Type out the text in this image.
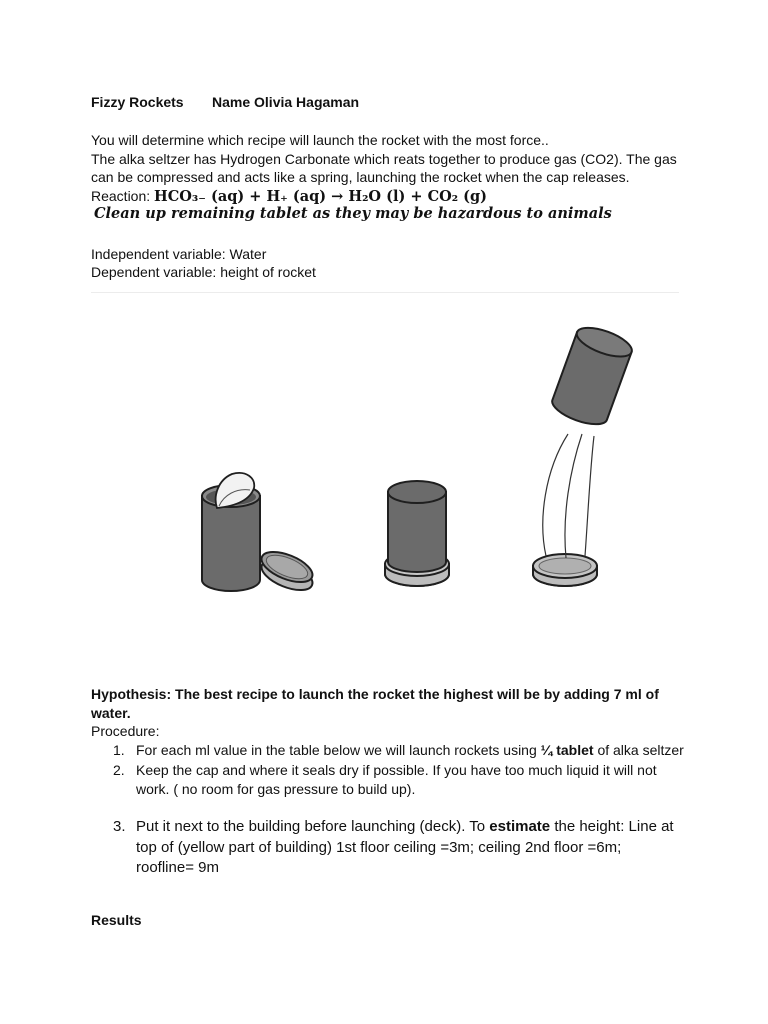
Fizzy Rockets Name Olivia Hagaman
You will determine which recipe will launch the rocket with the most force..
The alka seltzer has Hydrogen Carbonate which reats together to produce gas (CO2). The gas
can be compressed and acts like a spring, launching the rocket when the cap releases.
Reaction: HCO₃₋ (aq) + H₊ (aq) → H₂O (l) + CO₂ (g)
Clean up remaining tablet as they may be hazardous to animals
Independent variable: Water
Dependent variable: height of rocket
Hypothesis: The best recipe to launch the rocket the highest will be by adding 7 ml of
water.
Procedure:
1. For each ml value in the table below we will launch rockets using ¼ tablet of alka seltzer
2. Keep the cap and where it seals dry if possible. If you have too much liquid it will not
work. ( no room for gas pressure to build up).
3. Put it next to the building before launching (deck). To estimate the height: Line at
top of (yellow part of building) 1st floor ceiling =3m; ceiling 2nd floor =6m;
roofline= 9m
Results
